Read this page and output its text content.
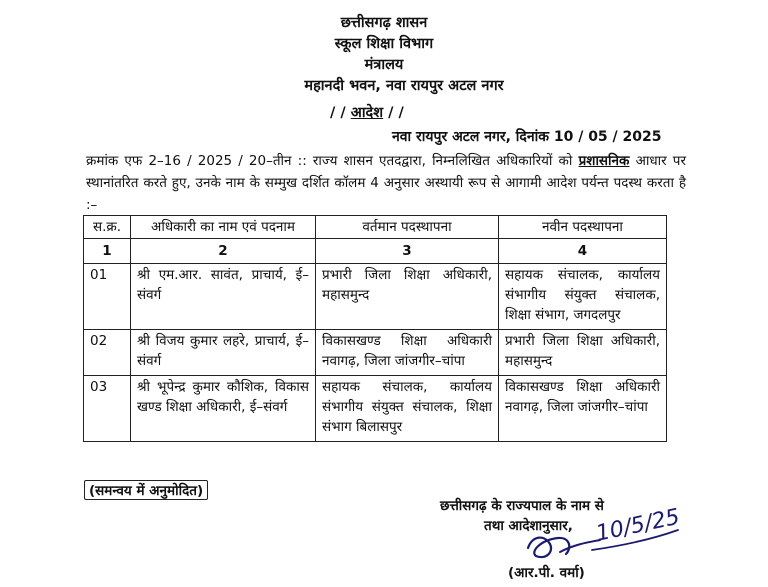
छत्तीसगढ़ शासन
स्कूल शिक्षा विभाग
मंत्रालय
महानदी भवन, नवा रायपुर अटल नगर
/ / आदेश / /
नवा रायपुर अटल नगर, दिनांक 10 / 05 / 2025
क्रमांक एफ 2–16 / 2025 / 20–तीन :: राज्य शासन एतदद्वारा, निम्नलिखित अधिकारियों को प्रशासनिक आधार पर स्थानांतरित करते हुए, उनके नाम के सम्मुख दर्शित कॉलम 4 अनुसार अस्थायी रूप से आगामी आदेश पर्यन्त पदस्थ करता है :–
स.क्र.	अधिकारी का नाम एवं पदनाम	वर्तमान पदस्थापना	नवीन पदस्थापना
1	2	3	4
01	श्री एम.आर. सावंत, प्राचार्य, ई–संवर्ग	प्रभारी जिला शिक्षा अधिकारी, महासमुन्द	सहायक संचालक, कार्यालय संभागीय संयुक्त संचालक, शिक्षा संभाग, जगदलपुर
02	श्री विजय कुमार लहरे, प्राचार्य, ई–संवर्ग	विकासखण्ड शिक्षा अधिकारी नवागढ़, जिला जांजगीर–चांपा	प्रभारी जिला शिक्षा अधिकारी, महासमुन्द
03	श्री भूपेन्द्र कुमार कौशिक, विकास खण्ड शिक्षा अधिकारी, ई–संवर्ग	सहायक संचालक, कार्यालय संभागीय संयुक्त संचालक, शिक्षा संभाग बिलासपुर	विकासखण्ड शिक्षा अधिकारी नवागढ़, जिला जांजगीर–चांपा
(समन्वय में अनुमोदित)
छत्तीसगढ़ के राज्यपाल के नाम से
तथा आदेशानुसार, 10/5/25
(आर.पी. वर्मा)
